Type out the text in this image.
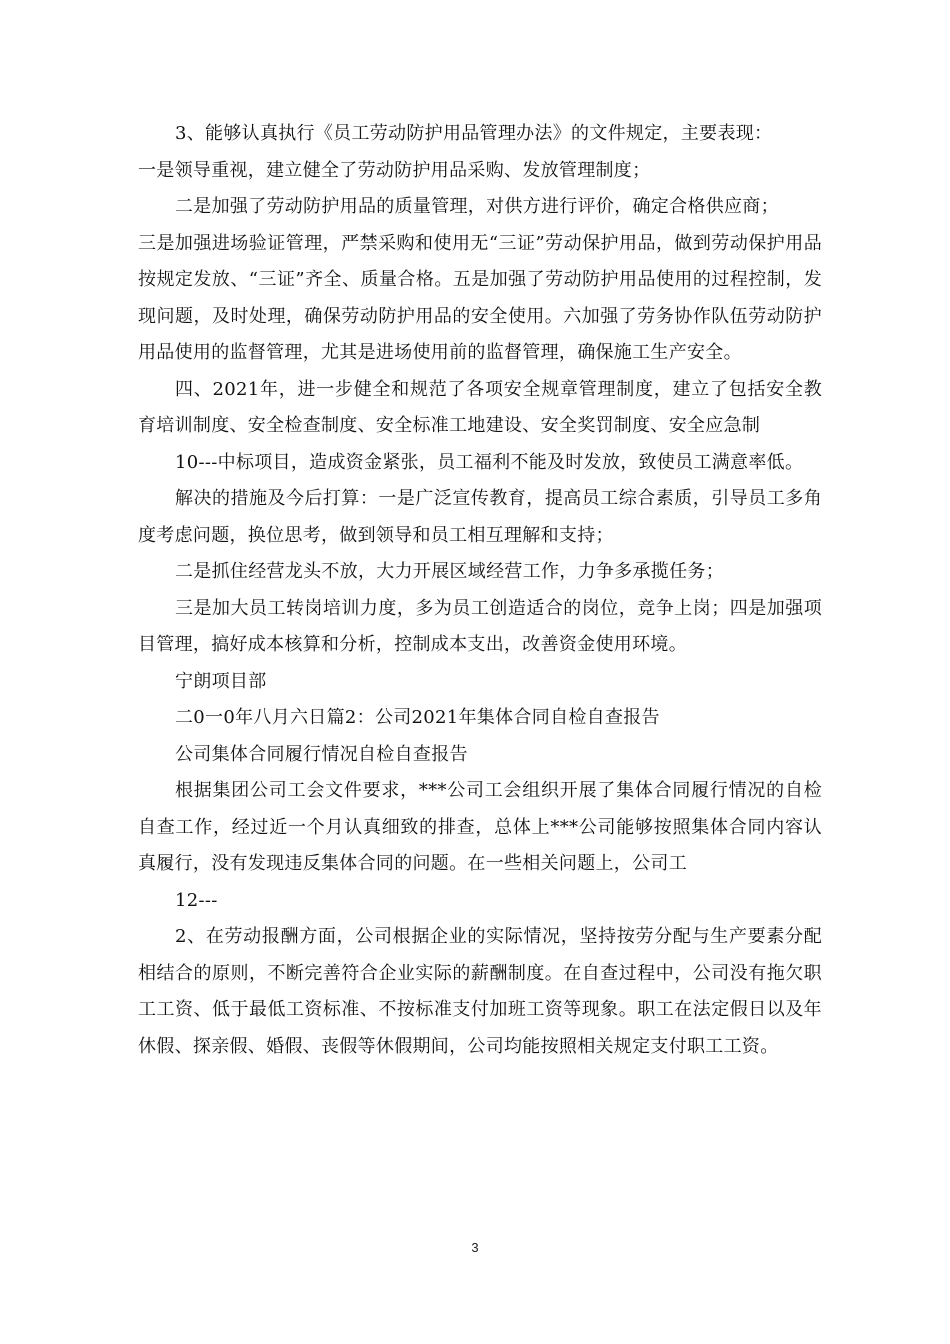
3、能够认真执行《员工劳动防护用品管理办法》的文件规定，主要表现：

一是领导重视，建立健全了劳动防护用品采购、发放管理制度；

二是加强了劳动防护用品的质量管理，对供方进行评价，确定合格供应商；

三是加强进场验证管理，严禁采购和使用无“三证”劳动保护用品，做到劳动保护用品按规定发放、“三证”齐全、质量合格。五是加强了劳动防护用品使用的过程控制，发现问题，及时处理，确保劳动防护用品的安全使用。六加强了劳务协作队伍劳动防护用品使用的监督管理，尤其是进场使用前的监督管理，确保施工生产安全。

四、2021年，进一步健全和规范了各项安全规章管理制度，建立了包括安全教育培训制度、安全检查制度、安全标准工地建设、安全奖罚制度、安全应急制

10---中标项目，造成资金紧张，员工福利不能及时发放，致使员工满意率低。

解决的措施及今后打算：一是广泛宣传教育，提高员工综合素质，引导员工多角度考虑问题，换位思考，做到领导和员工相互理解和支持；

二是抓住经营龙头不放，大力开展区域经营工作，力争多承揽任务；

三是加大员工转岗培训力度，多为员工创造适合的岗位，竞争上岗；四是加强项目管理，搞好成本核算和分析，控制成本支出，改善资金使用环境。

宁朗项目部

二0一0年八月六日篇2：公司2021年集体合同自检自查报告

公司集体合同履行情况自检自查报告

根据集团公司工会文件要求，***公司工会组织开展了集体合同履行情况的自检自查工作，经过近一个月认真细致的排查，总体上***公司能够按照集体合同内容认真履行，没有发现违反集体合同的问题。在一些相关问题上，公司工

12---

2、在劳动报酬方面，公司根据企业的实际情况，坚持按劳分配与生产要素分配相结合的原则，不断完善符合企业实际的薪酬制度。在自查过程中，公司没有拖欠职工工资、低于最低工资标准、不按标准支付加班工资等现象。职工在法定假日以及年休假、探亲假、婚假、丧假等休假期间，公司均能按照相关规定支付职工工资。

3
